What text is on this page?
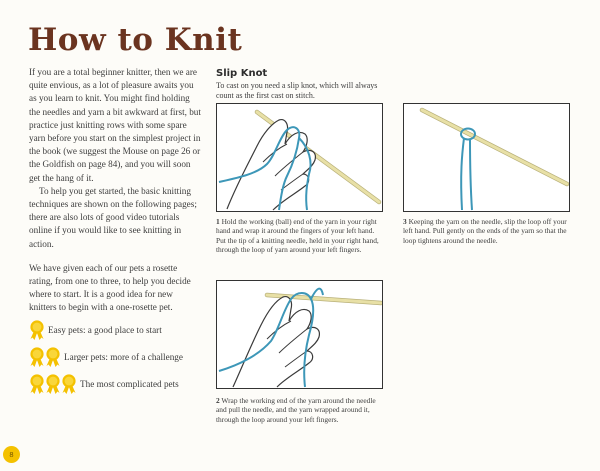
How to Knit

If you are a total beginner knitter, then we are quite envious, as a lot of pleasure awaits you as you learn to knit. You might find holding the needles and yarn a bit awkward at first, but practice just knitting rows with some spare yarn before you start on the simplest project in the book (we suggest the Mouse on page 26 or the Goldfish on page 84), and you will soon get the hang of it.

To help you get started, the basic knitting techniques are shown on the following pages; there are also lots of good video tutorials online if you would like to see knitting in action.

We have given each of our pets a rosette rating, from one to three, to help you decide where to start. It is a good idea for new knitters to begin with a one-rosette pet.

Easy pets: a good place to start
Larger pets: more of a challenge
The most complicated pets
Slip Knot

To cast on you need a slip knot, which will always count as the first cast on stitch.

1 Hold the working (ball) end of the yarn in your right hand and wrap it around the fingers of your left hand. Put the tip of a knitting needle, held in your right hand, through the loop of yarn around your left fingers.

3 Keeping the yarn on the needle, slip the loop off your left hand. Pull gently on the ends of the yarn so that the loop tightens around the needle.

2 Wrap the working end of the yarn around the needle and pull the needle, and the yarn wrapped around it, through the loop around your left fingers.

8
